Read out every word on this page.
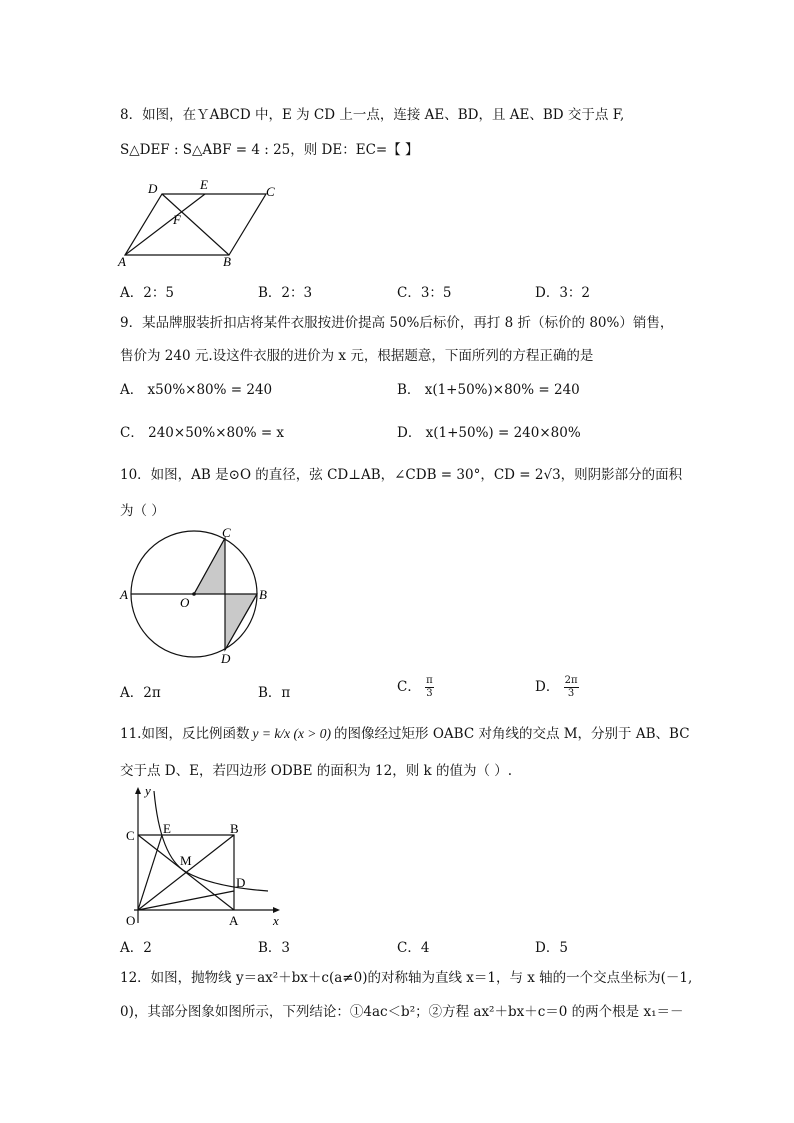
8．如图，在ＹABCD 中，E 为 CD 上一点，连接 AE、BD，且 AE、BD 交于点 F,
S△DEF : S△ABF = 4 : 25，则 DE：EC=【 】
D	E	C
F
A	B
A．2：5	B．2：3	C．3：5	D．3：2
9．某品牌服装折扣店将某件衣服按进价提高 50%后标价，再打 8 折（标价的 80%）销售，
售价为 240 元.设这件衣服的进价为 x 元，根据题意，下面所列的方程正确的是
A． x50%×80% = 240	B． x(1+50%)×80% = 240
C． 240×50%×80% = x	D． x(1+50%) = 240×80%
10．如图，AB 是⊙O 的直径，弦 CD⊥AB，∠CDB = 30°，CD = 2√3，则阴影部分的面积
为（ ）
C
A
O
B
D
A．2π	B．π	C． $\frac{\pi}{3}$	D． $\frac{2\pi}{3}$
11.如图，反比例函数 y = k/x (x > 0) 的图像经过矩形 OABC 对角线的交点 M，分别于 AB、BC
交于点 D、E，若四边形 ODBE 的面积为 12，则 k 的值为（ ）.
y
C E	B
M
D
O	A	x
A．2	B．3	C．4	D．5
12．如图，抛物线 y＝ax²＋bx＋c(a≠0)的对称轴为直线 x＝1，与 x 轴的一个交点坐标为(－1,
0)，其部分图象如图所示，下列结论：①4ac＜b²；②方程 ax²＋bx＋c＝0 的两个根是 x₁＝－
